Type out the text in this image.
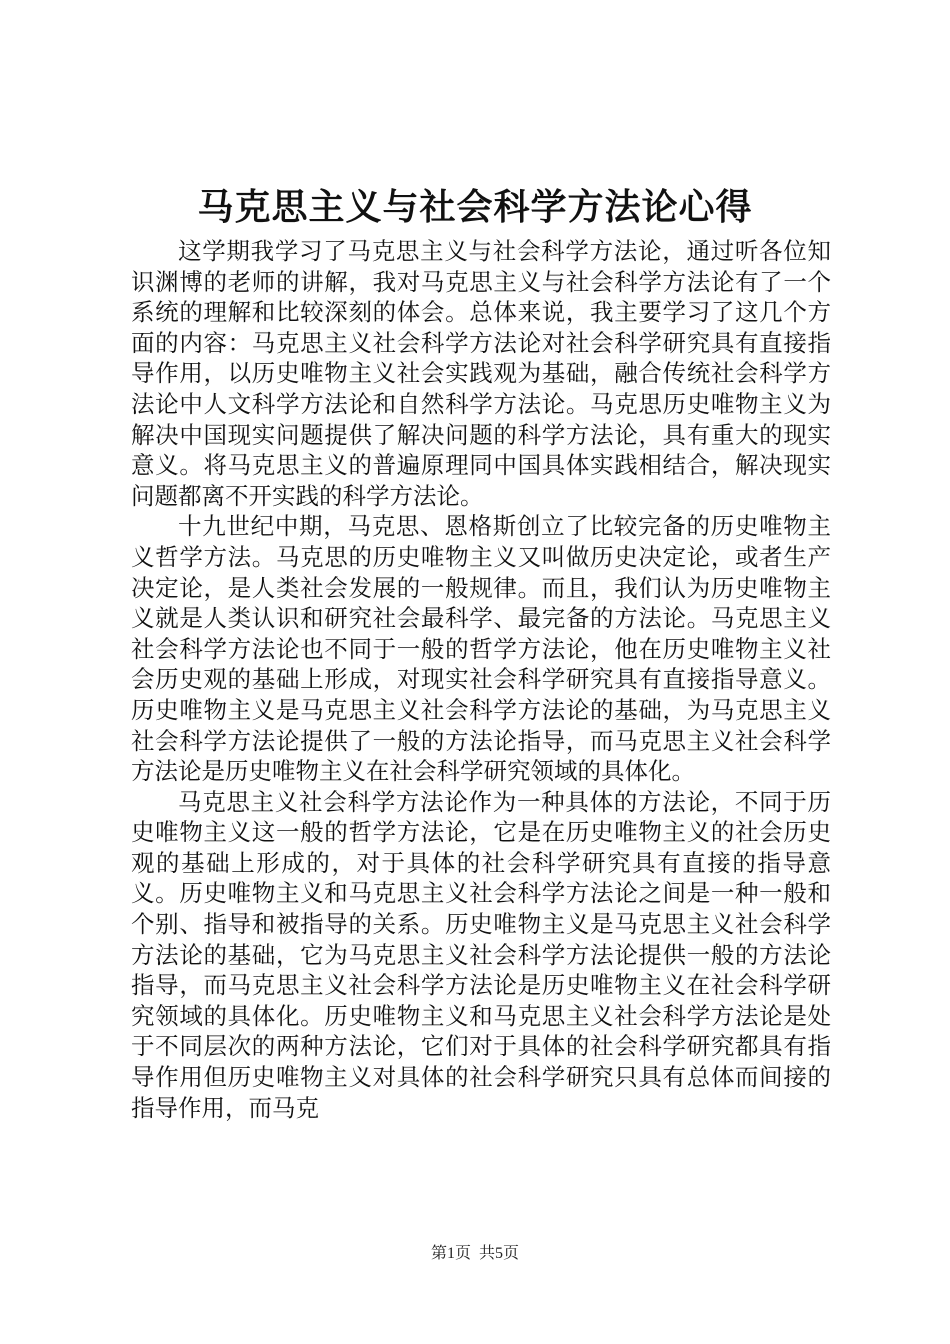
马克思主义与社会科学方法论心得

这学期我学习了马克思主义与社会科学方法论，通过听各位知识渊博的老师的讲解，我对马克思主义与社会科学方法论有了一个系统的理解和比较深刻的体会。总体来说，我主要学习了这几个方面的内容：马克思主义社会科学方法论对社会科学研究具有直接指导作用，以历史唯物主义社会实践观为基础，融合传统社会科学方法论中人文科学方法论和自然科学方法论。马克思历史唯物主义为解决中国现实问题提供了解决问题的科学方法论，具有重大的现实意义。将马克思主义的普遍原理同中国具体实践相结合，解决现实问题都离不开实践的科学方法论。

十九世纪中期，马克思、恩格斯创立了比较完备的历史唯物主义哲学方法。马克思的历史唯物主义又叫做历史决定论，或者生产决定论，是人类社会发展的一般规律。而且，我们认为历史唯物主义就是人类认识和研究社会最科学、最完备的方法论。马克思主义社会科学方法论也不同于一般的哲学方法论，他在历史唯物主义社会历史观的基础上形成，对现实社会科学研究具有直接指导意义。历史唯物主义是马克思主义社会科学方法论的基础，为马克思主义社会科学方法论提供了一般的方法论指导，而马克思主义社会科学方法论是历史唯物主义在社会科学研究领域的具体化。

马克思主义社会科学方法论作为一种具体的方法论，不同于历史唯物主义这一般的哲学方法论，它是在历史唯物主义的社会历史观的基础上形成的，对于具体的社会科学研究具有直接的指导意义。历史唯物主义和马克思主义社会科学方法论之间是一种一般和个别、指导和被指导的关系。历史唯物主义是马克思主义社会科学方法论的基础，它为马克思主义社会科学方法论提供一般的方法论指导，而马克思主义社会科学方法论是历史唯物主义在社会科学研究领域的具体化。历史唯物主义和马克思主义社会科学方法论是处于不同层次的两种方法论，它们对于具体的社会科学研究都具有指导作用但历史唯物主义对具体的社会科学研究只具有总体而间接的指导作用，而马克

第1页 共5页
